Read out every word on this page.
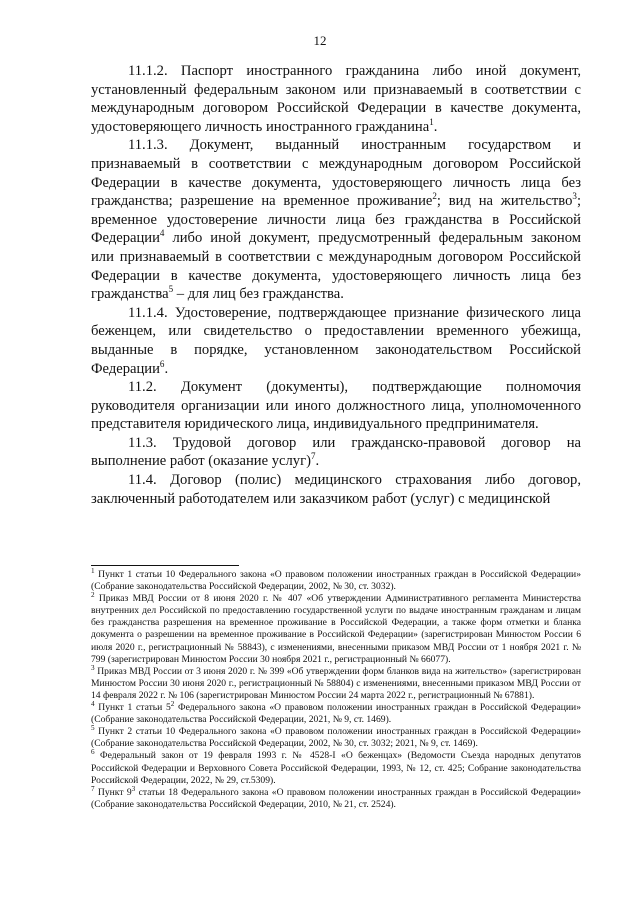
12

11.1.2. Паспорт иностранного гражданина либо иной документ, установленный федеральным законом или признаваемый в соответствии с международным договором Российской Федерации в качестве документа, удостоверяющего личность иностранного гражданина$^1$.

11.1.3. Документ, выданный иностранным государством и признаваемый в соответствии с международным договором Российской Федерации в качестве документа, удостоверяющего личность лица без гражданства; разрешение на временное проживание$^2$; вид на жительство$^3$; временное удостоверение личности лица без гражданства в Российской Федерации$^4$ либо иной документ, предусмотренный федеральным законом или признаваемый в соответствии с международным договором Российской Федерации в качестве документа, удостоверяющего личность лица без гражданства$^5$ – для лиц без гражданства.

11.1.4. Удостоверение, подтверждающее признание физического лица беженцем, или свидетельство о предоставлении временного убежища, выданные в порядке, установленном законодательством Российской Федерации$^6$.

11.2. Документ (документы), подтверждающие полномочия руководителя организации или иного должностного лица, уполномоченного представителя юридического лица, индивидуального предпринимателя.

11.3. Трудовой договор или гражданско-правовой договор на выполнение работ (оказание услуг)$^7$.

11.4. Договор (полис) медицинского страхования либо договор, заключенный работодателем или заказчиком работ (услуг) с медицинской

$^1$ Пункт 1 статьи 10 Федерального закона «О правовом положении иностранных граждан в Российской Федерации» (Собрание законодательства Российской Федерации, 2002, № 30, ст. 3032).

$^2$ Приказ МВД России от 8 июня 2020 г. № 407 «Об утверждении Административного регламента Министерства внутренних дел Российской по предоставлению государственной услуги по выдаче иностранным гражданам и лицам без гражданства разрешения на временное проживание в Российской Федерации, а также форм отметки и бланка документа о разрешении на временное проживание в Российской Федерации» (зарегистрирован Минюстом России 6 июля 2020 г., регистрационный № 58843), с изменениями, внесенными приказом МВД России от 1 ноября 2021 г. № 799 (зарегистрирован Минюстом России 30 ноября 2021 г., регистрационный № 66077).

$^3$ Приказ МВД России от 3 июня 2020 г. № 399 «Об утверждении форм бланков вида на жительство» (зарегистрирован Минюстом России 30 июня 2020 г., регистрационный № 58804) с изменениями, внесенными приказом МВД России от 14 февраля 2022 г. № 106 (зарегистрирован Минюстом России 24 марта 2022 г., регистрационный № 67881).

$^4$ Пункт 1 статьи $5^2$ Федерального закона «О правовом положении иностранных граждан в Российской Федерации» (Собрание законодательства Российской Федерации, 2021, № 9, ст. 1469).

$^5$ Пункт 2 статьи 10 Федерального закона «О правовом положении иностранных граждан в Российской Федерации» (Собрание законодательства Российской Федерации, 2002, № 30, ст. 3032; 2021, № 9, ст. 1469).

$^6$ Федеральный закон от 19 февраля 1993 г. № 4528-I «О беженцах» (Ведомости Съезда народных депутатов Российской Федерации и Верховного Совета Российской Федерации, 1993, № 12, ст. 425; Собрание законодательства Российской Федерации, 2022, № 29, ст.5309).

$^7$ Пункт $9^3$ статьи 18 Федерального закона «О правовом положении иностранных граждан в Российской Федерации» (Собрание законодательства Российской Федерации, 2010, № 21, ст. 2524).
